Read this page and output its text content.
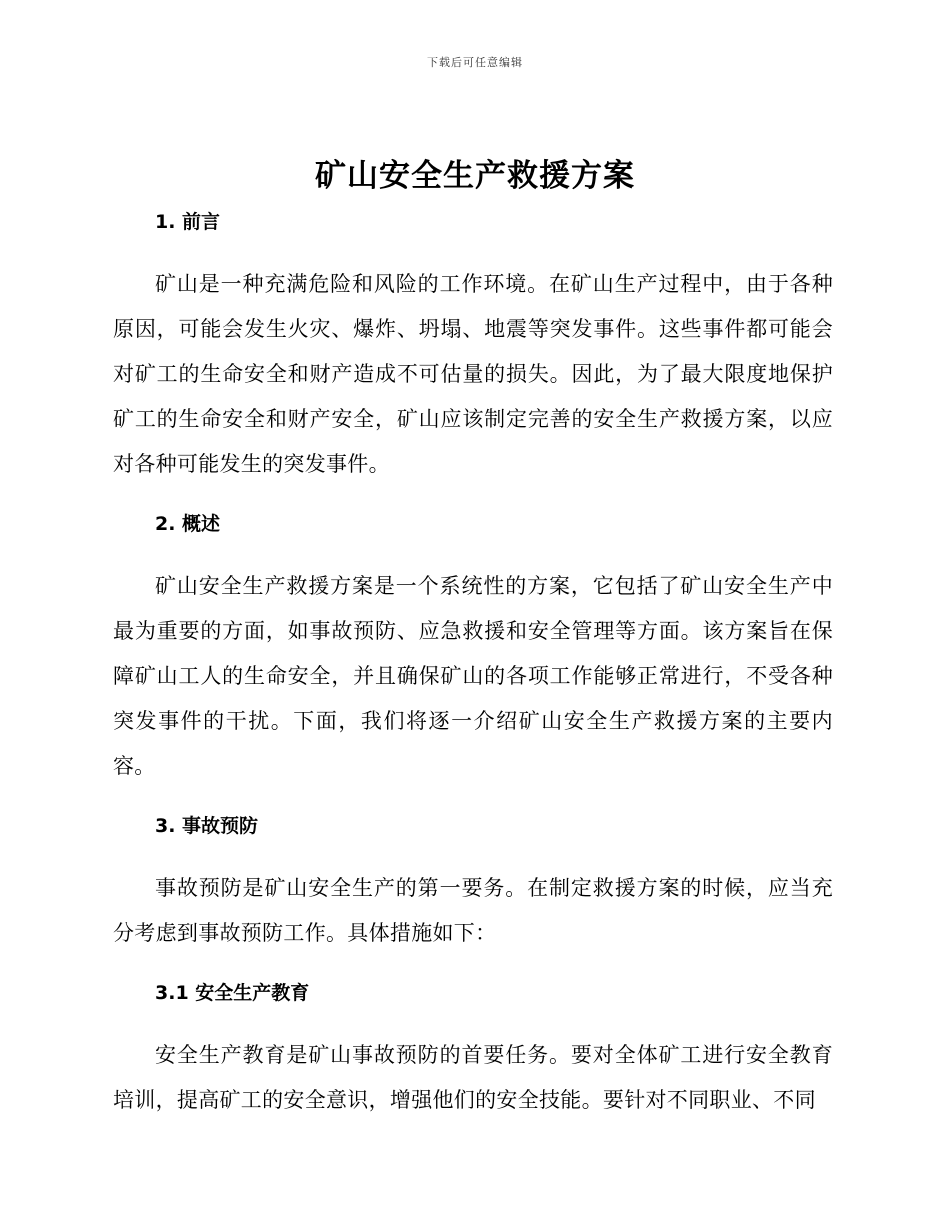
下载后可任意编辑
矿山安全生产救援方案
1. 前言

矿山是一种充满危险和风险的工作环境。在矿山生产过程中，由于各种原因，可能会发生火灾、爆炸、坍塌、地震等突发事件。这些事件都可能会对矿工的生命安全和财产造成不可估量的损失。因此，为了最大限度地保护矿工的生命安全和财产安全，矿山应该制定完善的安全生产救援方案，以应对各种可能发生的突发事件。

2. 概述

矿山安全生产救援方案是一个系统性的方案，它包括了矿山安全生产中最为重要的方面，如事故预防、应急救援和安全管理等方面。该方案旨在保障矿山工人的生命安全，并且确保矿山的各项工作能够正常进行，不受各种突发事件的干扰。下面，我们将逐一介绍矿山安全生产救援方案的主要内容。

3. 事故预防

事故预防是矿山安全生产的第一要务。在制定救援方案的时候，应当充分考虑到事故预防工作。具体措施如下：

3.1 安全生产教育

安全生产教育是矿山事故预防的首要任务。要对全体矿工进行安全教育培训，提高矿工的安全意识，增强他们的安全技能。要针对不同职业、不同
